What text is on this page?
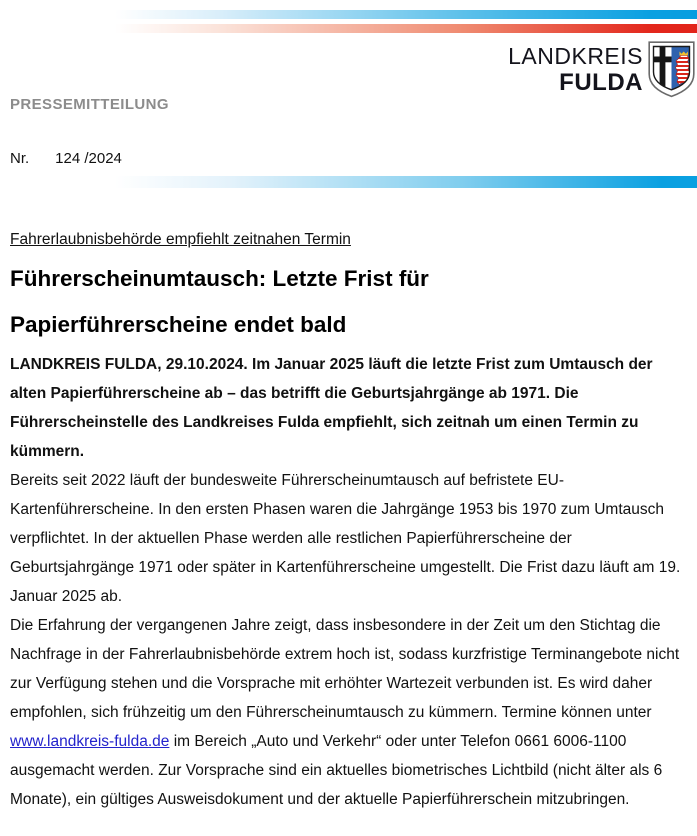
LANDKREIS
FULDA
PRESSEMITTEILUNG
Nr. 124 /2024
Fahrerlaubnisbehörde empfiehlt zeitnahen Termin
Führerscheinumtausch: Letzte Frist für
Papierführerscheine endet bald

LANDKREIS FULDA, 29.10.2024. Im Januar 2025 läuft die letzte Frist zum Umtausch der alten Papierführerscheine ab – das betrifft die Geburtsjahrgänge ab 1971. Die Führerscheinstelle des Landkreises Fulda empfiehlt, sich zeitnah um einen Termin zu kümmern.

Bereits seit 2022 läuft der bundesweite Führerscheinumtausch auf befristete EU-Kartenführerscheine. In den ersten Phasen waren die Jahrgänge 1953 bis 1970 zum Umtausch verpflichtet. In der aktuellen Phase werden alle restlichen Papierführerscheine der Geburtsjahrgänge 1971 oder später in Kartenführerscheine umgestellt. Die Frist dazu läuft am 19. Januar 2025 ab.

Die Erfahrung der vergangenen Jahre zeigt, dass insbesondere in der Zeit um den Stichtag die Nachfrage in der Fahrerlaubnisbehörde extrem hoch ist, sodass kurzfristige Terminangebote nicht zur Verfügung stehen und die Vorsprache mit erhöhter Wartezeit verbunden ist. Es wird daher empfohlen, sich frühzeitig um den Führerscheinumtausch zu kümmern. Termine können unter www.landkreis-fulda.de im Bereich „Auto und Verkehr“ oder unter Telefon 0661 6006-1100 ausgemacht werden. Zur Vorsprache sind ein aktuelles biometrisches Lichtbild (nicht älter als 6 Monate), ein gültiges Ausweisdokument und der aktuelle Papierführerschein mitzubringen.
